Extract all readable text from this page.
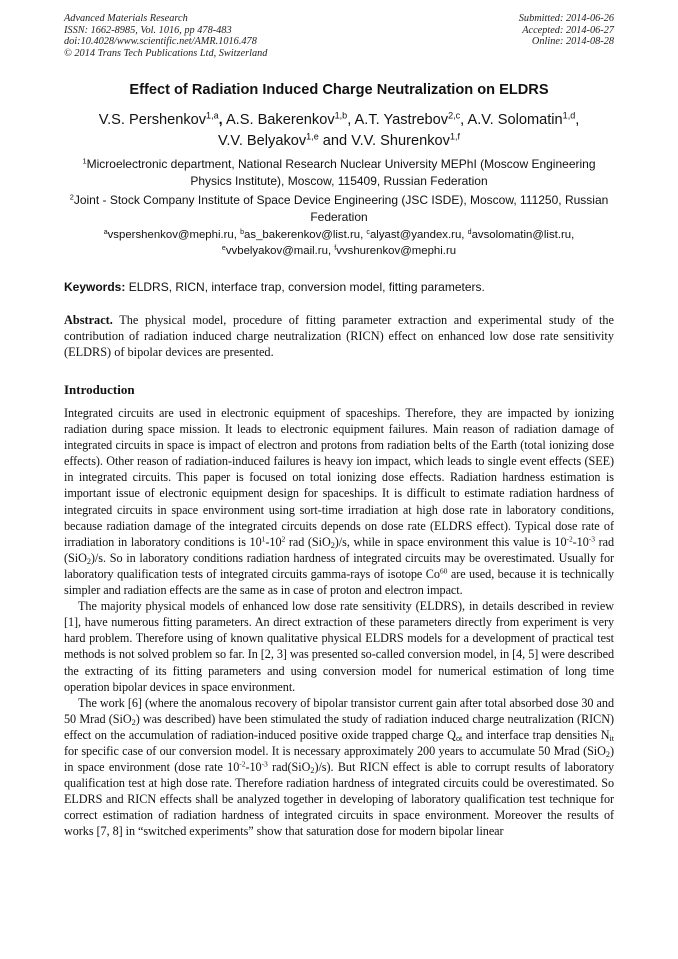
Advanced Materials Research
ISSN: 1662-8985, Vol. 1016, pp 478-483
doi:10.4028/www.scientific.net/AMR.1016.478
© 2014 Trans Tech Publications Ltd, Switzerland
Submitted: 2014-06-26
Accepted: 2014-06-27
Online: 2014-08-28
Effect of Radiation Induced Charge Neutralization on ELDRS
V.S. Pershenkov$^{1,a}$, A.S. Bakerenkov$^{1,b}$, A.T. Yastrebov$^{2,c}$, A.V. Solomatin$^{1,d}$,
V.V. Belyakov$^{1,e}$ and V.V. Shurenkov$^{1,f}$
$^1$Microelectronic department, National Research Nuclear University MEPhI (Moscow Engineering Physics Institute), Moscow, 115409, Russian Federation
$^2$Joint - Stock Company Institute of Space Device Engineering (JSC ISDE), Moscow, 111250, Russian Federation
$^a$vspershenkov@mephi.ru, $^b$as_bakerenkov@list.ru, $^c$alyast@yandex.ru, $^d$avsolomatin@list.ru,
$^e$vvbelyakov@mail.ru, $^f$vvshurenkov@mephi.ru
Keywords: ELDRS, RICN, interface trap, conversion model, fitting parameters.
Abstract. The physical model, procedure of fitting parameter extraction and experimental study of the contribution of radiation induced charge neutralization (RICN) effect on enhanced low dose rate sensitivity (ELDRS) of bipolar devices are presented.
Introduction

Integrated circuits are used in electronic equipment of spaceships. Therefore, they are impacted by ionizing radiation during space mission. It leads to electronic equipment failures. Main reason of radiation damage of integrated circuits in space is impact of electron and protons from radiation belts of the Earth (total ionizing dose effects). Other reason of radiation-induced failures is heavy ion impact, which leads to single event effects (SEE) in integrated circuits. This paper is focused on total ionizing dose effects. Radiation hardness estimation is important issue of electronic equipment design for spaceships. It is difficult to estimate radiation hardness of integrated circuits in space environment using sort-time irradiation at high dose rate in laboratory conditions, because radiation damage of the integrated circuits depends on dose rate (ELDRS effect). Typical dose rate of irradiation in laboratory conditions is $10^1-10^2$ rad (SiO$_2$)/s, while in space environment this value is $10^{-2}-10^{-3}$ rad (SiO$_2$)/s. So in laboratory conditions radiation hardness of integrated circuits may be overestimated. Usually for laboratory qualification tests of integrated circuits gamma-rays of isotope Co$^{60}$ are used, because it is technically simpler and radiation effects are the same as in case of proton and electron impact.

The majority physical models of enhanced low dose rate sensitivity (ELDRS), in details described in review [1], have numerous fitting parameters. An direct extraction of these parameters directly from experiment is very hard problem. Therefore using of known qualitative physical ELDRS models for a development of practical test methods is not solved problem so far. In [2, 3] was presented so-called conversion model, in [4, 5] were described the extracting of its fitting parameters and using conversion model for numerical estimation of long time operation bipolar devices in space environment.

The work [6] (where the anomalous recovery of bipolar transistor current gain after total absorbed dose 30 and 50 Mrad (SiO$_2$) was described) have been stimulated the study of radiation induced charge neutralization (RICN) effect on the accumulation of radiation-induced positive oxide trapped charge $Q_{ot}$ and interface trap densities $N_{it}$ for specific case of our conversion model. It is necessary approximately 200 years to accumulate 50 Mrad (SiO$_2$) in space environment (dose rate $10^{-2}-10^{-3}$ rad(SiO$_2$)/s). But RICN effect is able to corrupt results of laboratory qualification test at high dose rate. Therefore radiation hardness of integrated circuits could be overestimated. So ELDRS and RICN effects shall be analyzed together in developing of laboratory qualification test technique for correct estimation of radiation hardness of integrated circuits in space environment. Moreover the results of works [7, 8] in “switched experiments” show that saturation dose for modern bipolar linear
